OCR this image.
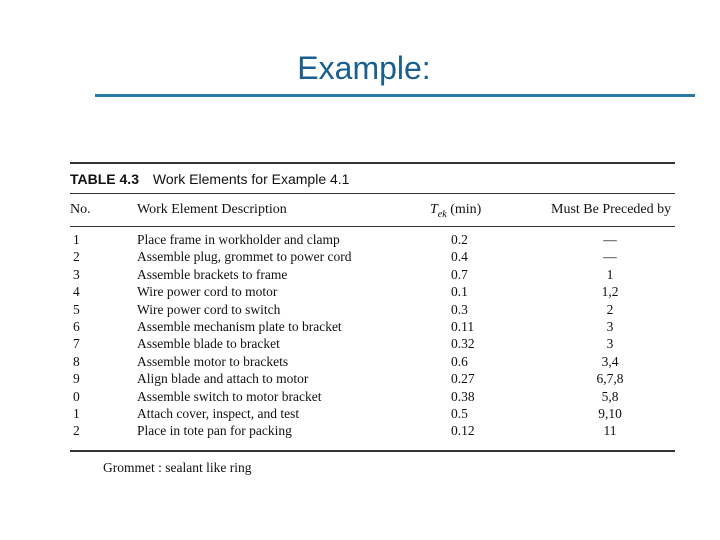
Example:
TABLE 4.3 Work Elements for Example 4.1
No.	Work Element Description	$T_{ek}$ (min)	Must Be Preceded by
1	Place frame in workholder and clamp	0.2	—
2	Assemble plug, grommet to power cord	0.4	—
3	Assemble brackets to frame	0.7	1
4	Wire power cord to motor	0.1	1,2
5	Wire power cord to switch	0.3	2
6	Assemble mechanism plate to bracket	0.11	3
7	Assemble blade to bracket	0.32	3
8	Assemble motor to brackets	0.6	3,4
9	Align blade and attach to motor	0.27	6,7,8
0	Assemble switch to motor bracket	0.38	5,8
1	Attach cover, inspect, and test	0.5	9,10
2	Place in tote pan for packing	0.12	11
Grommet : sealant like ring
